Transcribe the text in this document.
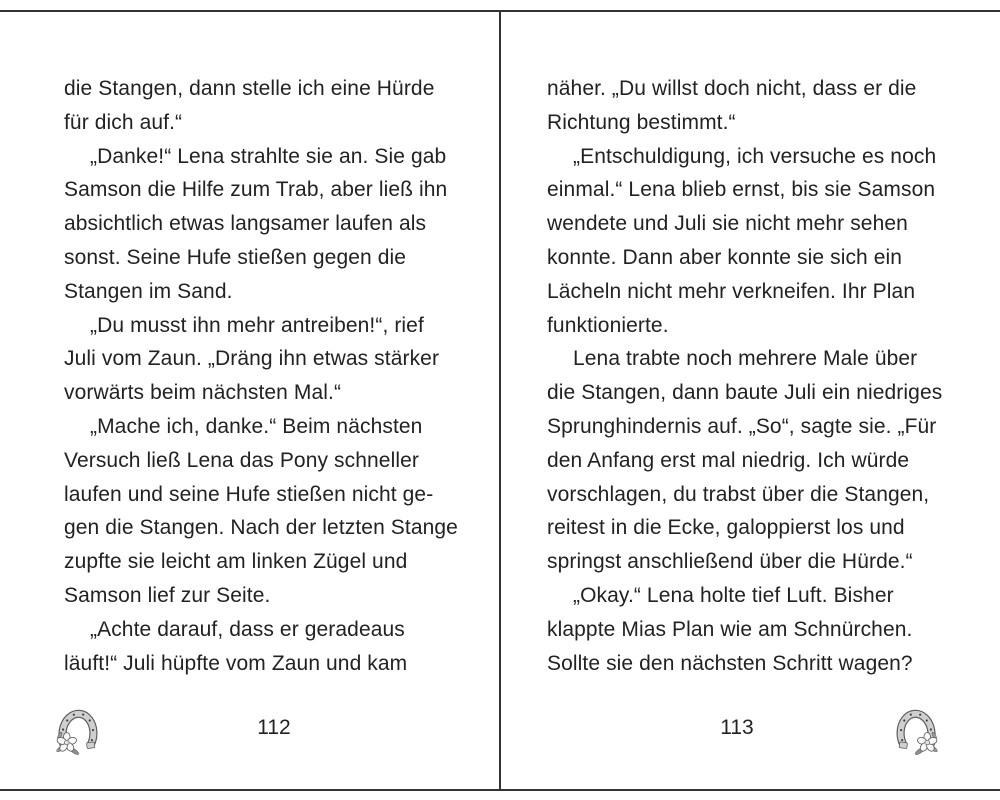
die Stangen, dann stelle ich eine Hürde
für dich auf.“
„Danke!“ Lena strahlte sie an. Sie gab
Samson die Hilfe zum Trab, aber ließ ihn
absichtlich etwas langsamer laufen als
sonst. Seine Hufe stießen gegen die
Stangen im Sand.
„Du musst ihn mehr antreiben!“, rief
Juli vom Zaun. „Dräng ihn etwas stärker
vorwärts beim nächsten Mal.“
„Mache ich, danke.“ Beim nächsten
Versuch ließ Lena das Pony schneller
laufen und seine Hufe stießen nicht ge-
gen die Stangen. Nach der letzten Stange
zupfte sie leicht am linken Zügel und
Samson lief zur Seite.
„Achte darauf, dass er geradeaus
läuft!“ Juli hüpfte vom Zaun und kam
112
näher. „Du willst doch nicht, dass er die
Richtung bestimmt.“
„Entschuldigung, ich versuche es noch
einmal.“ Lena blieb ernst, bis sie Samson
wendete und Juli sie nicht mehr sehen
konnte. Dann aber konnte sie sich ein
Lächeln nicht mehr verkneifen. Ihr Plan
funktionierte.
Lena trabte noch mehrere Male über
die Stangen, dann baute Juli ein niedriges
Sprunghindernis auf. „So“, sagte sie. „Für
den Anfang erst mal niedrig. Ich würde
vorschlagen, du trabst über die Stangen,
reitest in die Ecke, galoppierst los und
springst anschließend über die Hürde.“
„Okay.“ Lena holte tief Luft. Bisher
klappte Mias Plan wie am Schnürchen.
Sollte sie den nächsten Schritt wagen?
113
